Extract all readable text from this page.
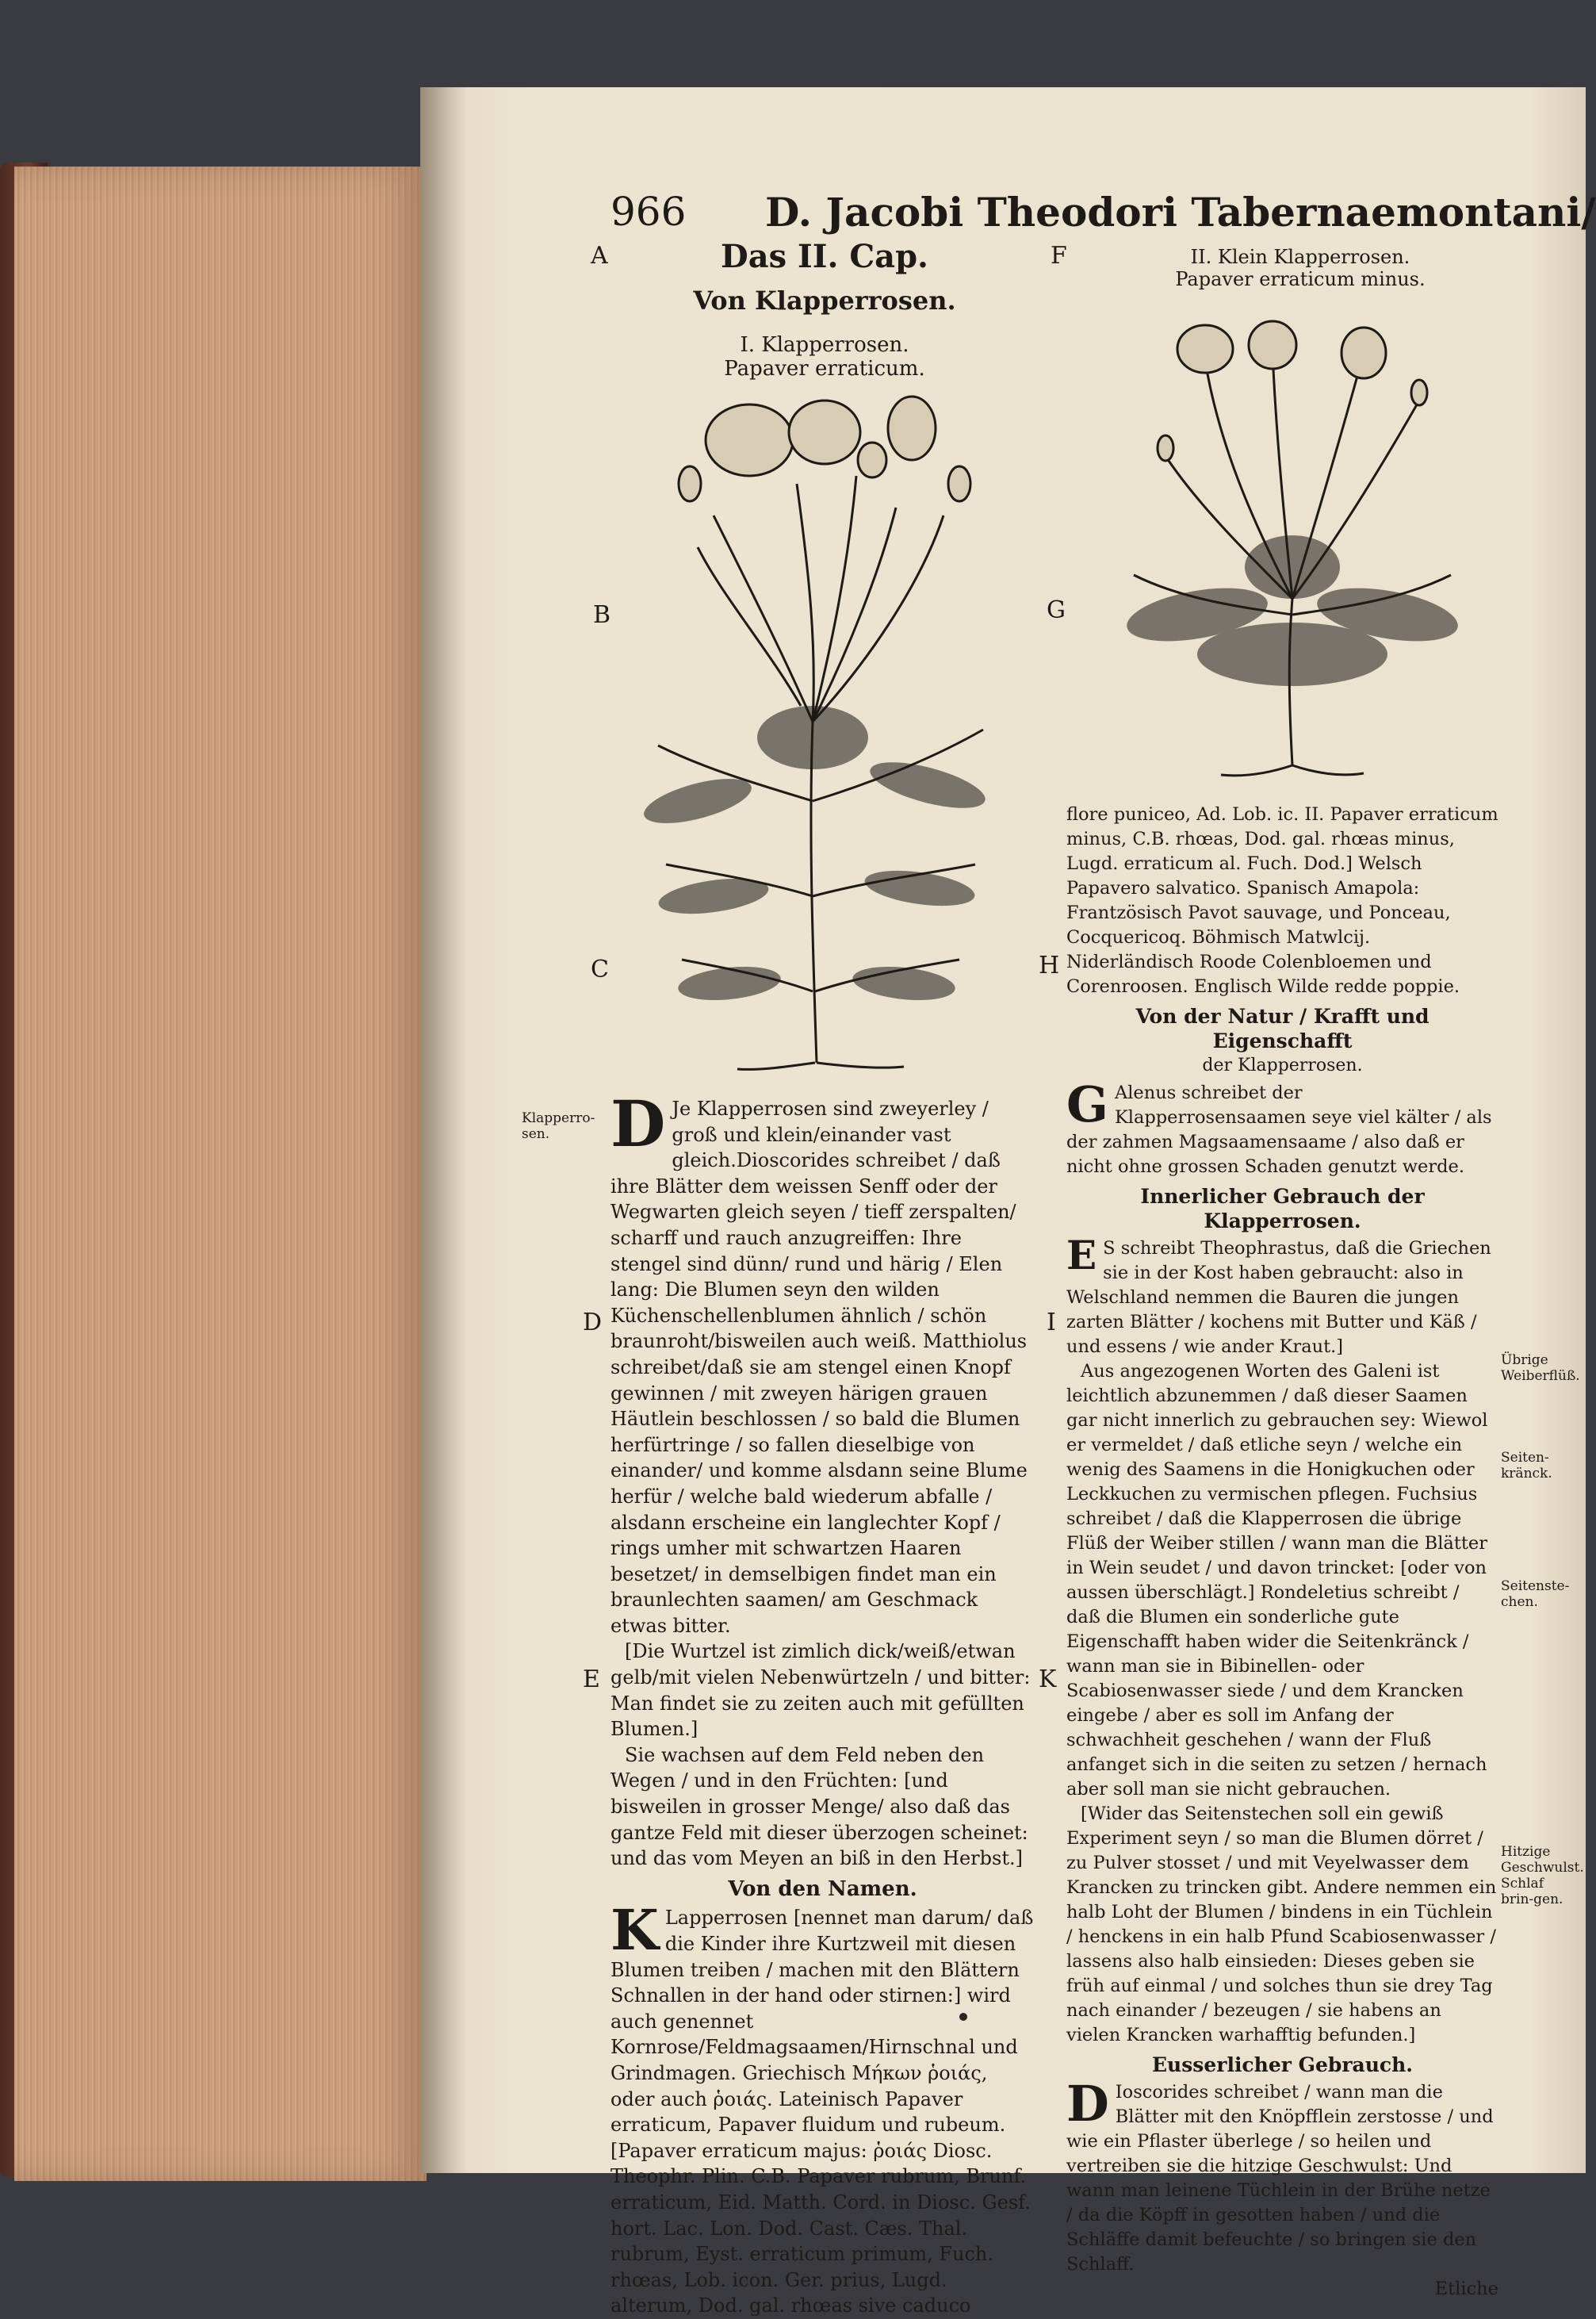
966 D. Jacobi Theodori Tabernaemontani/
A
B
C
D
E
F
G
H
I
K
Das II. Cap.
Von Klapperrosen.
I. Klapperrosen.
Papaver erraticum.
II. Klein Klapperrosen.
Papaver erraticum minus.
Klapperro-
sen. D Je Klapperrosen sind zweyerley / groß und klein/einander vast gleich.Dioscorides schreibet / daß ihre Blätter dem weissen Senff oder der Wegwarten gleich seyen / tieff zerspalten/ scharff und rauch anzugreiffen: Ihre stengel sind dünn/ rund und härig / Elen lang: Die Blumen seyn den wilden Küchenschellenblumen ähnlich / schön braunroht/bisweilen auch weiß. Matthiolus schreibet/daß sie am stengel einen Knopf gewinnen / mit zweyen härigen grauen Häutlein beschlossen / so bald die Blumen herfürtringe / so fallen dieselbige von einander/ und komme alsdann seine Blume herfür / welche bald wiederum abfalle / alsdann erscheine ein langlechter Kopf / rings umher mit schwartzen Haaren besetzet/ in demselbigen findet man ein braunlechten saamen/ am Geschmack etwas bitter.

[Die Wurtzel ist zimlich dick/weiß/etwan gelb/mit vielen Nebenwürtzeln / und bitter: Man findet sie zu zeiten auch mit gefüllten Blumen.]

Sie wachsen auf dem Feld neben den Wegen / und in den Früchten: [und bisweilen in grosser Menge/ also daß das gantze Feld mit dieser überzogen scheinet: und das vom Meyen an biß in den Herbst.]

Von den Namen.

K Lapperrosen [nennet man darum/ daß die Kinder ihre Kurtzweil mit diesen Blumen treiben / machen mit den Blättern Schnallen in der hand oder stirnen:] wird auch genennet Kornrose/Feldmagsaamen/Hirnschnal und Grindmagen. Griechisch Μήκων ῥοιάς, oder auch ῥοιάς. Lateinisch Papaver erraticum, Papaver fluidum und rubeum. [Papaver erraticum majus: ῥοιάς Diosc. Theophr. Plin. C.B. Papaver rubrum, Brunf. erraticum, Eid. Matth. Cord. in Diosc. Gesf. hort. Lac. Lon. Dod. Cast. Cæs. Thal. rubrum, Eyst. erraticum primum, Fuch. rhœas, Lob. icon. Ger. prius, Lugd. alterum, Dod. gal. rhœas sive caduco

flore puniceo, Ad. Lob. ic. II. Papaver erraticum minus, C.B. rhœas, Dod. gal. rhœas minus, Lugd. erraticum al. Fuch. Dod.] Welsch Papavero salvatico. Spanisch Amapola: Frantzösisch Pavot sauvage, und Ponceau, Cocquericoq. Böhmisch Matwlcij. Niderländisch Roode Colenbloemen und Corenroosen. Englisch Wilde redde poppie.

Von der Natur / Krafft und Eigenschafft

der Klapperrosen.

G Alenus schreibet der Klapperrosensaamen seye viel kälter / als der zahmen Magsaamensaame / also daß er nicht ohne grossen Schaden genutzt werde.

Innerlicher Gebrauch der Klapperrosen.

E S schreibt Theophrastus, daß die Griechen sie in der Kost haben gebraucht: also in Welschland nemmen die Bauren die jungen zarten Blätter / kochens mit Butter und Käß / und essens / wie ander Kraut.]

Aus angezogenen Worten des Galeni ist leichtlich abzunemmen / daß dieser Saamen gar nicht innerlich zu gebrauchen sey: Wiewol er vermeldet / daß etliche seyn / welche ein wenig des Saamens in die Honigkuchen oder Leckkuchen zu vermischen pflegen. Fuchsius schreibet / daß die Klapperrosen die übrige Flüß der Weiber stillen / wann man die Blätter in Wein seudet / und davon trincket: [oder von aussen überschlägt.] Rondeletius schreibt / daß die Blumen ein sonderliche gute Eigenschafft haben wider die Seitenkränck / wann man sie in Bibinellen- oder Scabiosenwasser siede / und dem Krancken eingebe / aber es soll im Anfang der schwachheit geschehen / wann der Fluß anfanget sich in die seiten zu setzen / hernach aber soll man sie nicht gebrauchen.

[Wider das Seitenstechen soll ein gewiß Experiment seyn / so man die Blumen dörret / zu Pulver stosset / und mit Veyelwasser dem Krancken zu trincken gibt. Andere nemmen ein halb Loht der Blumen / bindens in ein Tüchlein / henckens in ein halb Pfund Scabiosenwasser / lassens also halb einsieden: Dieses geben sie früh auf einmal / und solches thun sie drey Tag nach einander / bezeugen / sie habens an vielen Krancken warhafftig befunden.]

Eusserlicher Gebrauch.

D Ioscorides schreibet / wann man die Blätter mit den Knöpfflein zerstosse / und wie ein Pflaster überlege / so heilen und vertreiben sie die hitzige Geschwulst: Und wann man leinene Tüchlein in der Brühe netze / da die Köpff in gesotten haben / und die Schläffe damit befeuchte / so bringen sie den Schlaff.

Etliche

Übrige Weiberflüß.
Seiten-kränck.
Seitenste-chen.
Hitzige Geschwulst. Schlaf brin-gen.
